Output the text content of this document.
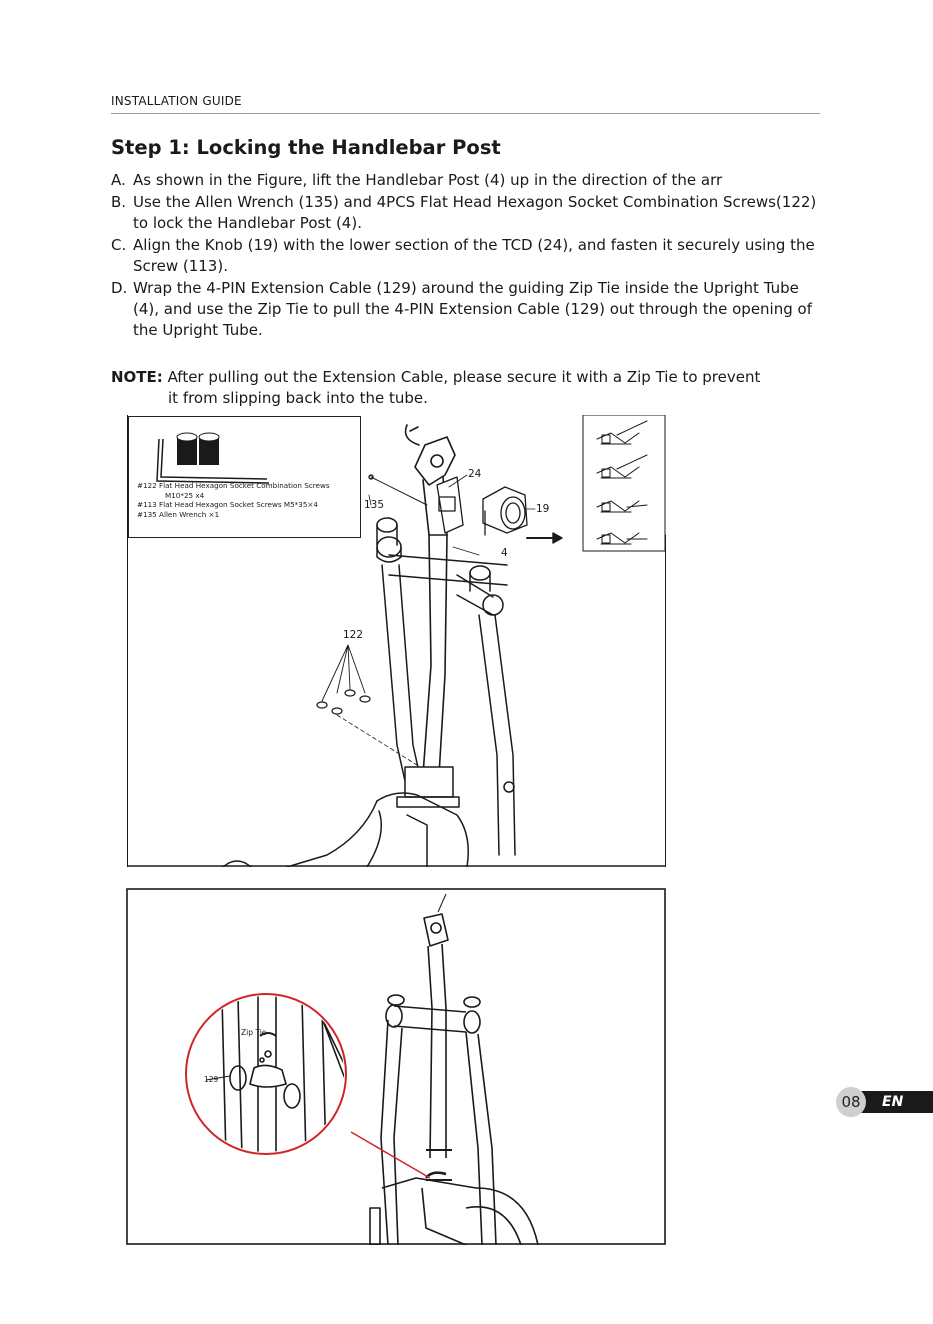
INSTALLATION GUIDE
Step 1: Locking the Handlebar Post

A. As shown in the Figure, lift the Handlebar Post (4) up in the direction of the arr

B. Use the Allen Wrench (135) and 4PCS Flat Head Hexagon Socket Combination Screws(122) to lock the Handlebar Post (4).

C. Align the Knob (19) with the lower section of the TCD (24), and fasten it securely using the Screw (113).

D. Wrap the 4-PIN Extension Cable (129) around the guiding Zip Tie inside the Upright Tube (4), and use the Zip Tie to pull the 4-PIN Extension Cable (129) out through the opening of the Upright Tube.

NOTE: After pulling out the Extension Cable, please secure it with a Zip Tie to prevent
it from slipping back into the tube.
#122 Flat Head Hexagon Socket Combination Screws
M10*25 x4
#113 Flat Head Hexagon Socket Screws M5*35×4
#135 Allen Wrench ×1
24
135	19
4
122
Zip Tie
129
08	EN
